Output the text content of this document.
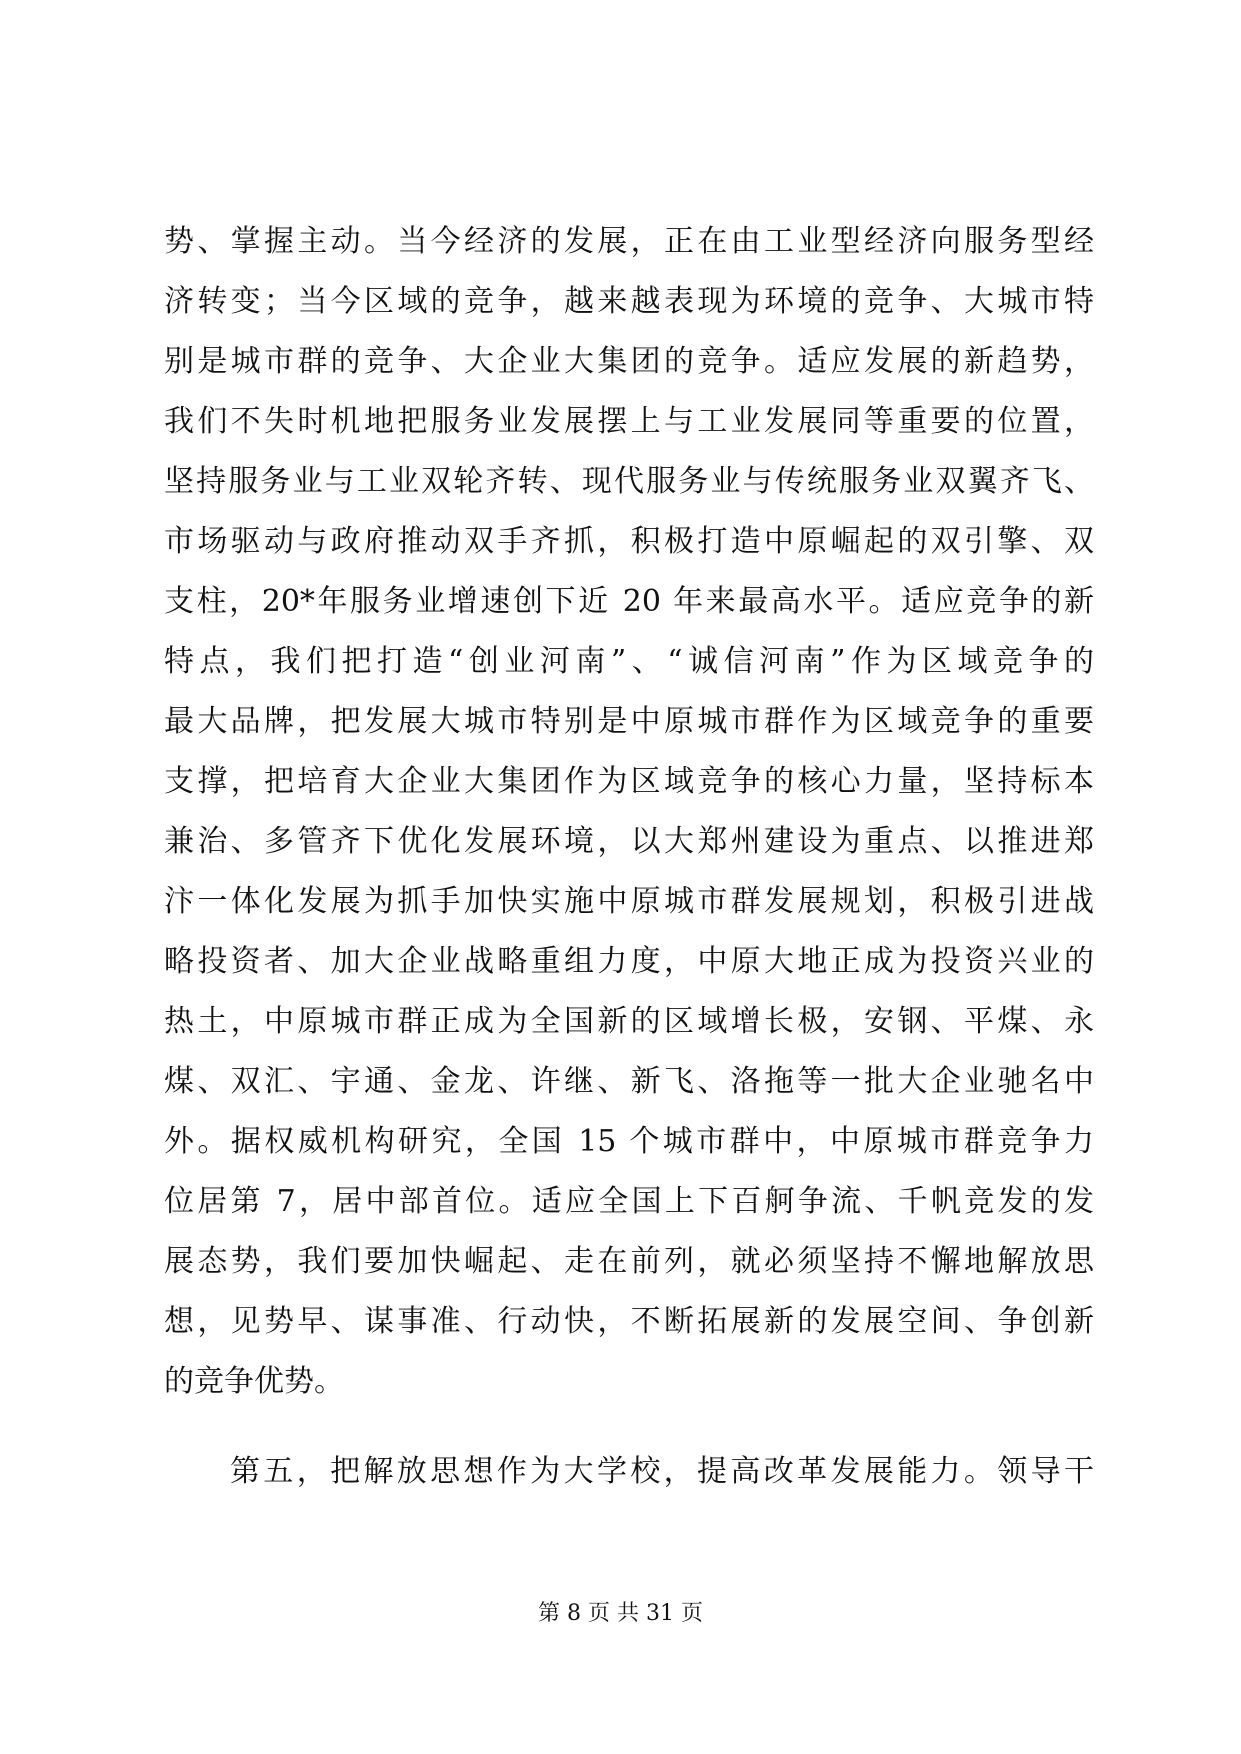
势、掌握主动。当今经济的发展，正在由工业型经济向服务型经
济转变；当今区域的竞争，越来越表现为环境的竞争、大城市特
别是城市群的竞争、大企业大集团的竞争。适应发展的新趋势，
我们不失时机地把服务业发展摆上与工业发展同等重要的位置，
坚持服务业与工业双轮齐转、现代服务业与传统服务业双翼齐飞、
市场驱动与政府推动双手齐抓，积极打造中原崛起的双引擎、双
支柱，20*年服务业增速创下近 20 年来最高水平。适应竞争的新
特点，我们把打造“创业河南”、“诚信河南”作为区域竞争的
最大品牌，把发展大城市特别是中原城市群作为区域竞争的重要
支撑，把培育大企业大集团作为区域竞争的核心力量，坚持标本
兼治、多管齐下优化发展环境，以大郑州建设为重点、以推进郑
汴一体化发展为抓手加快实施中原城市群发展规划，积极引进战
略投资者、加大企业战略重组力度，中原大地正成为投资兴业的
热土，中原城市群正成为全国新的区域增长极，安钢、平煤、永
煤、双汇、宇通、金龙、许继、新飞、洛拖等一批大企业驰名中
外。据权威机构研究，全国 15 个城市群中，中原城市群竞争力
位居第 7，居中部首位。适应全国上下百舸争流、千帆竞发的发
展态势，我们要加快崛起、走在前列，就必须坚持不懈地解放思
想，见势早、谋事准、行动快，不断拓展新的发展空间、争创新
的竞争优势。
第五，把解放思想作为大学校，提高改革发展能力。领导干
第 8 页 共 31 页
